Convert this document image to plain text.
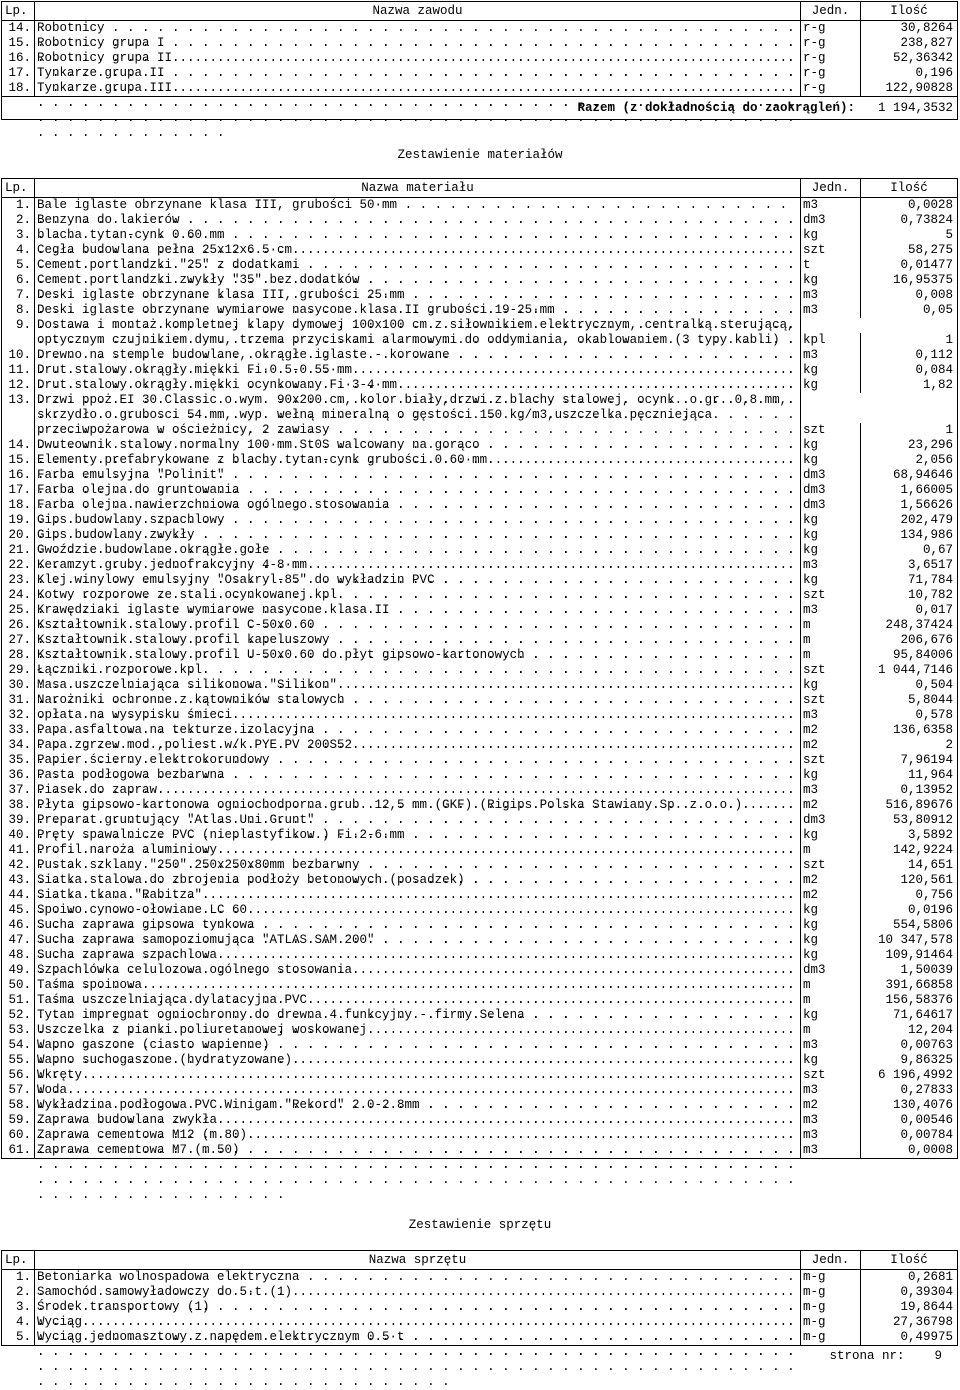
Lp.	Nazwa zawodu	Jedn.	Ilość
14. Robotnicy . . .	r-g	30,8264
15. Robotnicy grupa I . . .	r-g	238,827
16. Robotnicy grupa II . . .	r-g	52,36342
17. Tynkarze grupa II . . .	r-g	0,196
18. Tynkarze grupa III . . .	r-g	122,90828
Razem (z dokładnością do zaokrągleń):	1 194,3532
Zestawienie materiałów
Lp.	Nazwa materiału	Jedn.	Ilość
1. Bale iglaste obrzynane klasa III, grubości 50·mm . . .	m3	0,0028
2. Benzyna do lakierów . . .	dm3	0,73824
3. blacha tytan-cynk 0.60 mm . . .	kg	5
4. Cegła budowlana pełna 25x12x6.5·cm . . .	szt	58,275
5. Cement portlandzki "25" z dodatkami . . .	t	0,01477
6. Cement portlandzki zwykły "35" bez dodatków . . .	kg	16,95375
7. Deski iglaste obrzynane klasa III, grubości 25·mm . . .	m3	0,008
8. Deski iglaste obrzynane wymiarowe nasycone klasa II grubości 19-25·mm . . .	m3	0,05
9. Dostawa i montaż kompletnej klapy dymowej 100x100 cm z siłownikiem elektrycznym, centralką sterującą, optycznym czujnikiem dymu, trzema przyciskami alarmowymi do oddymiania, okablowaniem (3 typy kabli) . . .	kpl	1
10. Drewno na stemple budowlane, okrągłe iglaste - korowane . . .	m3	0,112
11. Drut stalowy okrągły miękki Fi·0.5-0.55·mm . . .	kg	0,084
12. Drut stalowy okrągły miękki ocynkowany Fi·3-4·mm . . .	kg	1,82
13. Drzwi ppoż EI 30 Classic o wym. 90x200 cm, kolor biały,drzwi z blachy stalowej, ocynk. o gr. 0,8 mm, skrzydło o grubosci 54 mm, wyp. wełną mineralną o gęstości 150 kg/m3,uszczelka pęczniejąca przeciwpożarowa w ościeżnicy, 2 zawiasy . . .	szt	1
14. Dwuteownik stalowy normalny 100·mm St0S walcowany na gorąco . . .	kg	23,296
15. Elementy prefabrykowane z blachy tytan-cynk grubości 0.60·mm . . .	kg	2,056
16. Farba emulsyjna "Polinit" . . .	dm3	68,94646
17. Farba olejna do gruntowania . . .	dm3	1,66005
18. Farba olejna nawierzchniowa ogólnego stosowania . . .	dm3	1,56626
19. Gips budowlany szpachlowy . . .	kg	202,479
20. Gips budowlany zwykły . . .	kg	134,986
21. Gwoździe budowlane okrągłe gołe . . .	kg	0,67
22. Keramzyt gruby jednofrakcyjny 4-8·mm . . .	m3	3,6517
23. Klej winylowy emulsyjny "Osakryl-85" do wykładzin PVC . . .	kg	71,784
24. Kotwy rozporowe ze stali ocynkowanej kpl. . . .	szt	10,782
25. Krawędziaki iglaste wymiarowe nasycone klasa II . . .	m3	0,017
26. Kształtownik stalowy profil C-50x0.60 . . .	m	248,37424
27. Kształtownik stalowy profil kapeluszowy . . .	m	206,676
28. Kształtownik stalowy profil U-50x0.60 do płyt gipsowo-kartonowych . . .	m	95,84006
29. Łączniki rozporowe kpl. . . .	szt	1 044,7146
30. Masa uszczelniająca silikonowa "Silikon" . . .	kg	0,504
31. Narożniki ochronne z kątowników stalowych . . .	szt	5,8044
32. opłata na wysypisku śmieci . . .	m3	0,578
33. Papa asfaltowa na tekturze izolacyjna . . .	m2	136,6358
34. Papa zgrzew.mod.,poliest.w/k PYE PV 200S52 . . .	m2	2
35. Papier ścierny elektrokorundowy . . .	szt	7,96194
36. Pasta podłogowa bezbarwna . . .	kg	11,964
37. Piasek do zapraw . . .	m3	0,13952
38. Płyta gipsowo-kartonowa ogniochodporna grub. 12,5 mm (GKF) (Rigips Polska Stawiany Sp. z o.o.) . . .	m2	516,89676
39. Preparat gruntujący "Atlas Uni Grunt" . . .	dm3	53,80912
40. Pręty spawalnicze PVC (nieplastyfikow.) Fi·2-6·mm . . .	kg	3,5892
41. Profil naroża aluminiowy . . .	m	142,9224
42. Pustak szklany "250" 250x250x80mm bezbarwny . . .	szt	14,651
43. Siatka stalowa do zbrojenia podłoży betonowych (posadzek) . . .	m2	120,561
44. Siatka tkana "Rabitza" . . .	m2	0,756
45. Spoiwo cynowo-ołowiane LC 60 . . .	kg	0,0196
46. Sucha zaprawa gipsowa tynkowa . . .	kg	554,5806
47. Sucha zaprawa samopoziomująca "ATLAS SAM 200" . . .	kg	10 347,578
48. Sucha zaprawa szpachlowa . . .	kg	109,91464
49. Szpachlówka celulozowa ogólnego stosowania . . .	dm3	1,50039
50. Taśma spoinowa . . .	m	391,66858
51. Taśma uszczelniająca dylatacyjna PVC . . .	m	156,58376
52. Tytan impregnat ogniochronny do drewna 4 funkcyjny - firmy Selena . . .	kg	71,64617
53. Uszczelka z pianki poliuretanowej woskowanej . . .	m	12,204
54. Wapno gaszone (ciasto wapienne) . . .	m3	0,00763
55. Wapno suchogaszone (hydratyzowane) . . .	kg	9,86325
56. Wkręty . . .	szt	6 196,4992
57. Woda . . .	m3	0,27833
58. Wykładzina podłogowa PVC Winigam "Rekord" 2.0-2.8mm . . .	m2	130,4076
59. Zaprawa budowlana zwykła . . .	m3	0,00546
60. Zaprawa cementowa M12 (m.80) . . .	m3	0,00784
61. Zaprawa cementowa M7 (m.50) . . .	m3	0,0008
Zestawienie sprzętu
Lp.	Nazwa sprzętu	Jedn.	Ilość
1. Betoniarka wolnospadowa elektryczna . . .	m-g	0,2681
2. Samochód samowyładowczy do 5·t (1) . . .	m-g	0,39304
3. Środek transportowy (1) . . .	m-g	19,8644
4. Wyciąg . . .	m-g	27,36798
5. Wyciąg jednomasztowy z napędem elektrycznym 0.5·t . . .	m-g	0,49975
strona nr: 9
